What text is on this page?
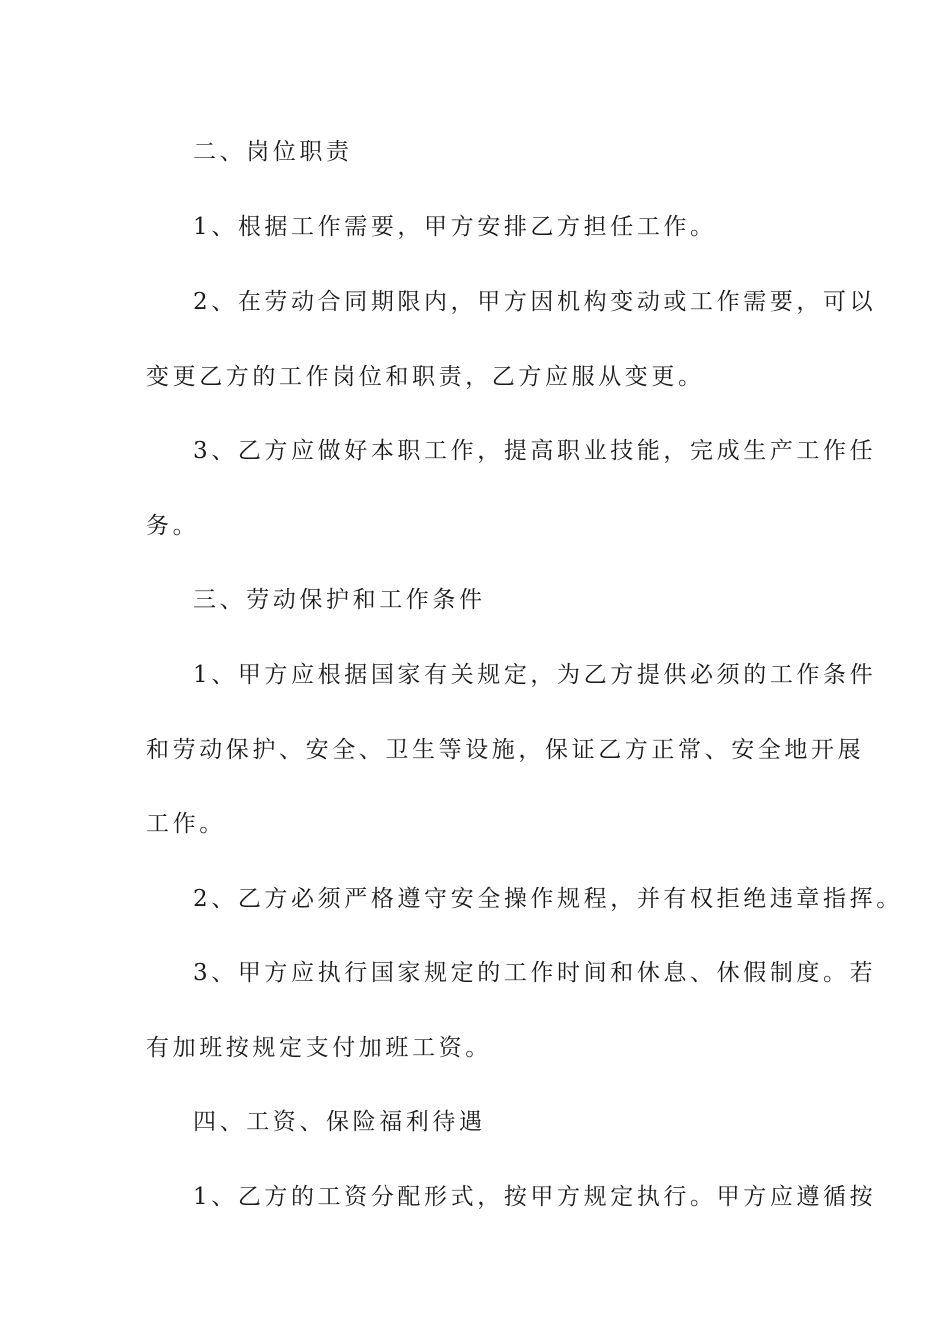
二、岗位职责
1、根据工作需要，甲方安排乙方担任工作。
2、在劳动合同期限内，甲方因机构变动或工作需要，可以
变更乙方的工作岗位和职责，乙方应服从变更。
3、乙方应做好本职工作，提高职业技能，完成生产工作任
务。
三、劳动保护和工作条件
1、甲方应根据国家有关规定，为乙方提供必须的工作条件
和劳动保护、安全、卫生等设施，保证乙方正常、安全地开展
工作。
2、乙方必须严格遵守安全操作规程，并有权拒绝违章指挥。
3、甲方应执行国家规定的工作时间和休息、休假制度。若
有加班按规定支付加班工资。
四、工资、保险福利待遇
1、乙方的工资分配形式，按甲方规定执行。甲方应遵循按
